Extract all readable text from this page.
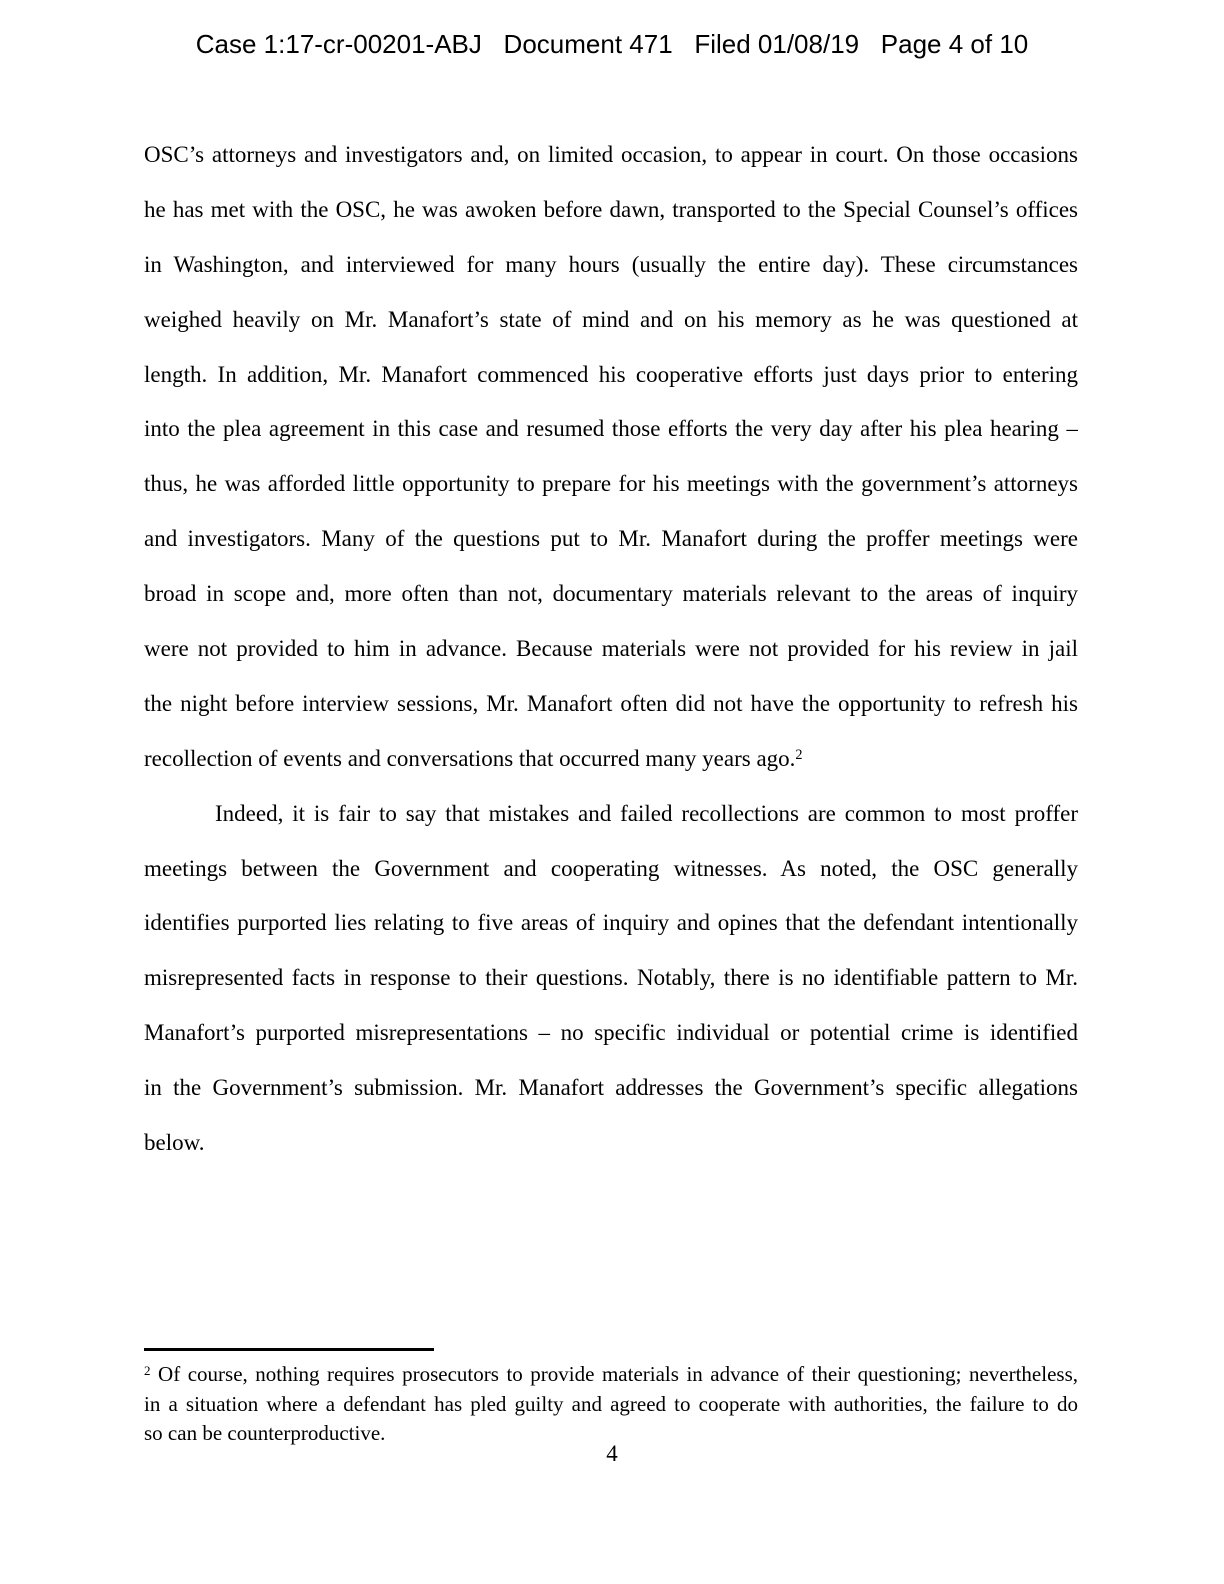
Case 1:17-cr-00201-ABJ   Document 471   Filed 01/08/19   Page 4 of 10
OSC’s attorneys and investigators and, on limited occasion, to appear in court. On those occasions
he has met with the OSC, he was awoken before dawn, transported to the Special Counsel’s offices
in Washington, and interviewed for many hours (usually the entire day). These circumstances
weighed heavily on Mr. Manafort’s state of mind and on his memory as he was questioned at
length. In addition, Mr. Manafort commenced his cooperative efforts just days prior to entering
into the plea agreement in this case and resumed those efforts the very day after his plea hearing –
thus, he was afforded little opportunity to prepare for his meetings with the government’s attorneys
and investigators. Many of the questions put to Mr. Manafort during the proffer meetings were
broad in scope and, more often than not, documentary materials relevant to the areas of inquiry
were not provided to him in advance. Because materials were not provided for his review in jail
the night before interview sessions, Mr. Manafort often did not have the opportunity to refresh his
recollection of events and conversations that occurred many years ago.$^2$
Indeed, it is fair to say that mistakes and failed recollections are common to most proffer
meetings between the Government and cooperating witnesses. As noted, the OSC generally
identifies purported lies relating to five areas of inquiry and opines that the defendant intentionally
misrepresented facts in response to their questions. Notably, there is no identifiable pattern to Mr.
Manafort’s purported misrepresentations – no specific individual or potential crime is identified
in the Government’s submission. Mr. Manafort addresses the Government’s specific allegations
below.
$^2$ Of course, nothing requires prosecutors to provide materials in advance of their questioning; nevertheless,
in a situation where a defendant has pled guilty and agreed to cooperate with authorities, the failure to do
so can be counterproductive.
4
